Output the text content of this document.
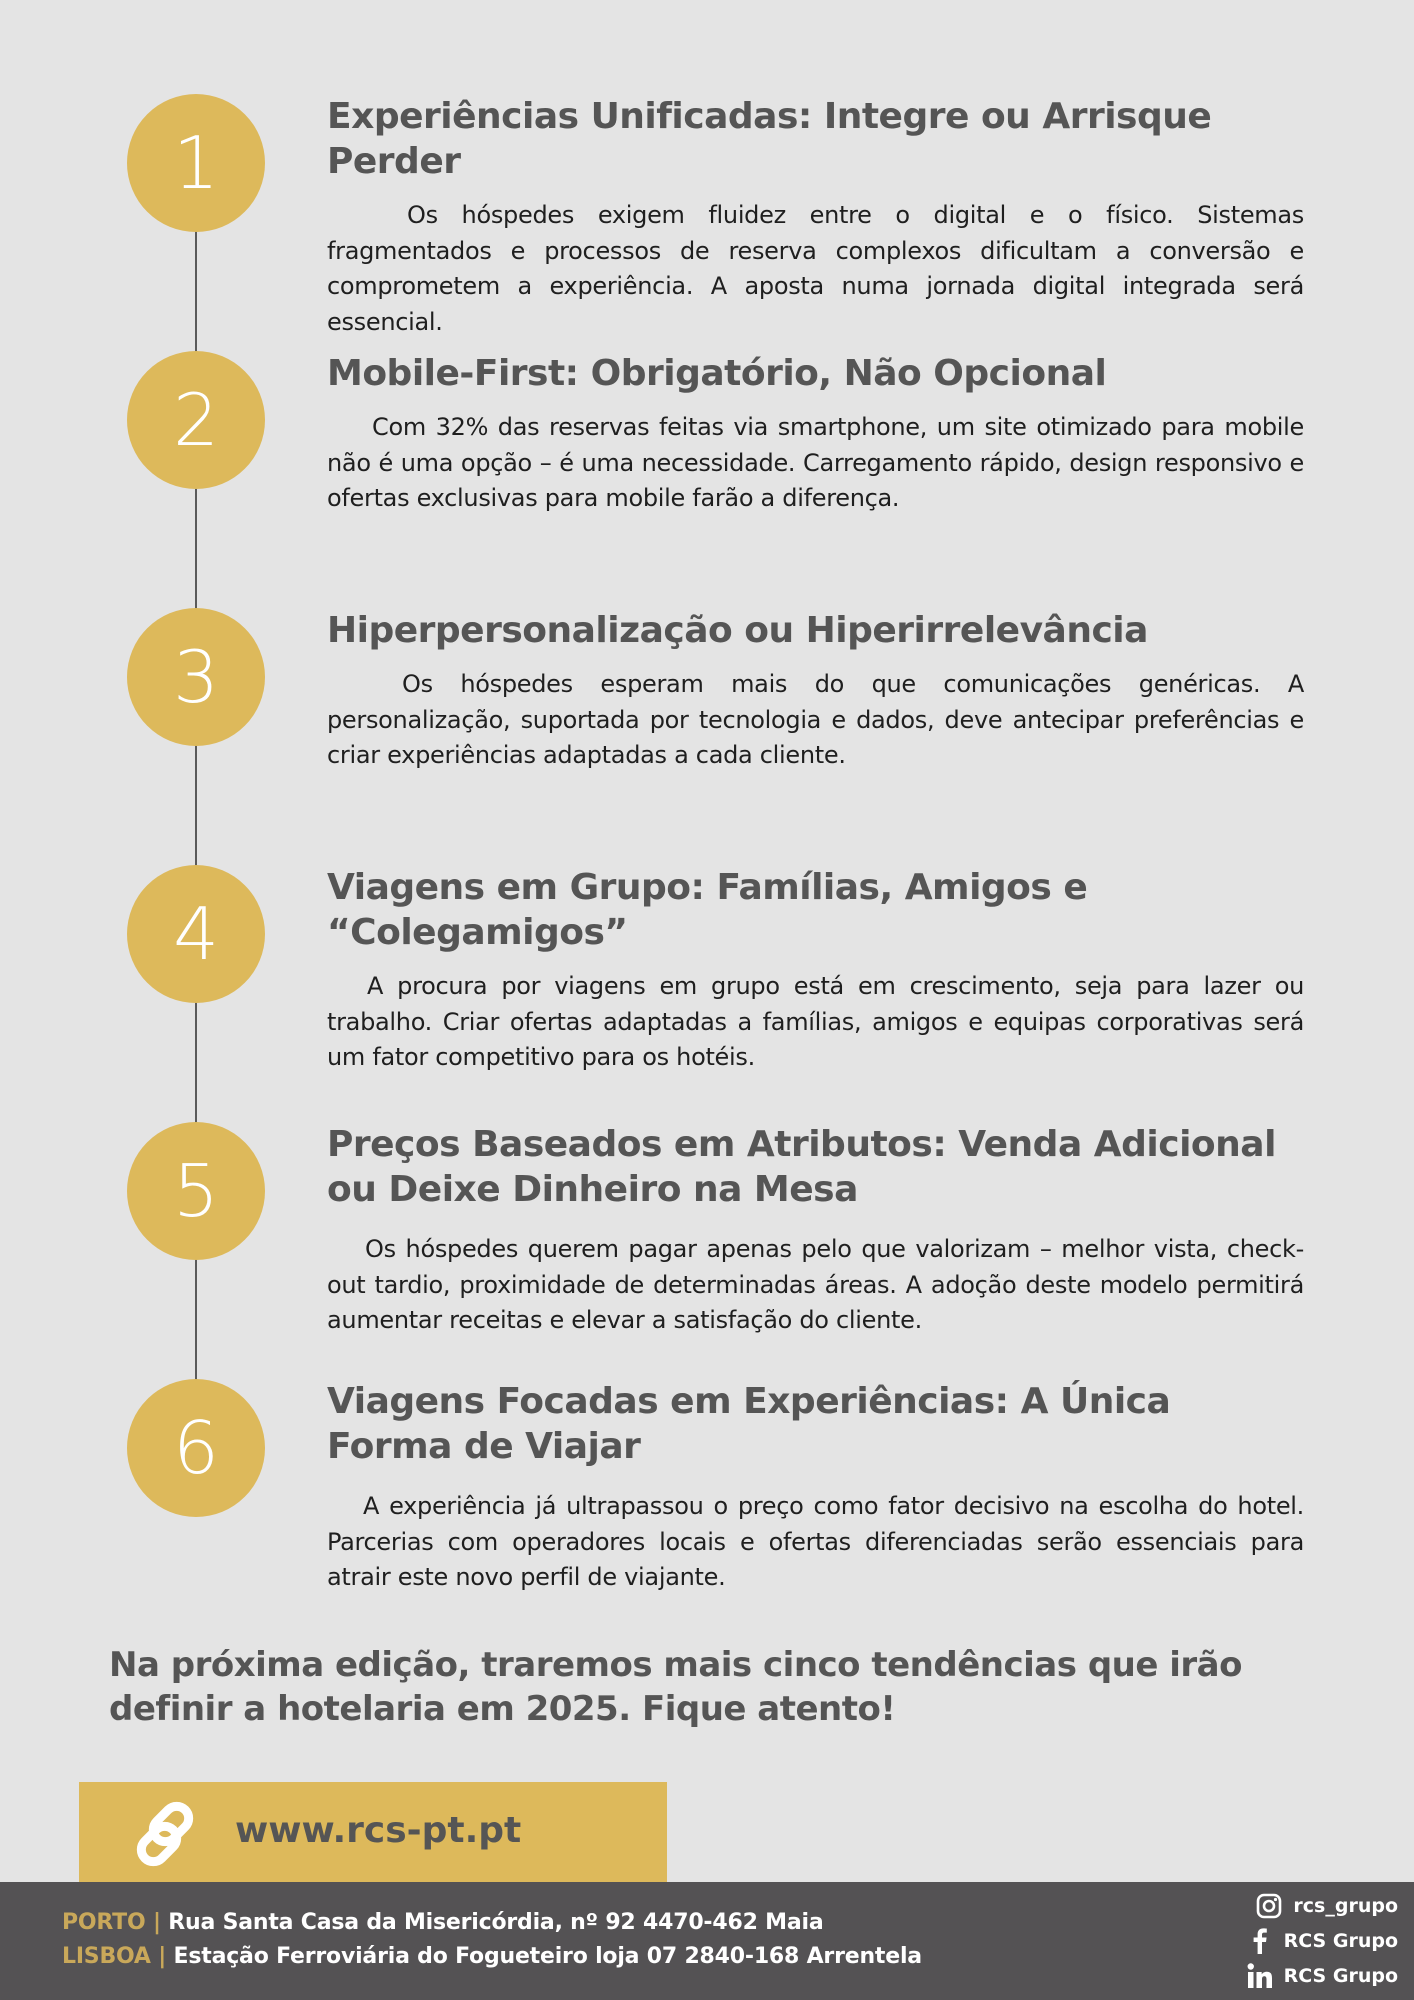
1
Experiências Unificadas: Integre ou Arrisque Perder

Os hóspedes exigem fluidez entre o digital e o físico. Sistemas fragmentados e processos de reserva complexos dificultam a conversão e comprometem a experiência. A aposta numa jornada digital integrada será essencial.

2
Mobile-First: Obrigatório, Não Opcional

Com 32% das reservas feitas via smartphone, um site otimizado para mobile não é uma opção – é uma necessidade. Carregamento rápido, design responsivo e ofertas exclusivas para mobile farão a diferença.

3
Hiperpersonalização ou Hiperirrelevância

Os hóspedes esperam mais do que comunicações genéricas. A personalização, suportada por tecnologia e dados, deve antecipar preferências e criar experiências adaptadas a cada cliente.

4
Viagens em Grupo: Famílias, Amigos e “Colegamigos”

A procura por viagens em grupo está em crescimento, seja para lazer ou trabalho. Criar ofertas adaptadas a famílias, amigos e equipas corporativas será um fator competitivo para os hotéis.

5
Preços Baseados em Atributos: Venda Adicional ou Deixe Dinheiro na Mesa

Os hóspedes querem pagar apenas pelo que valorizam – melhor vista, check-out tardio, proximidade de determinadas áreas. A adoção deste modelo permitirá aumentar receitas e elevar a satisfação do cliente.

6
Viagens Focadas em Experiências: A Única Forma de Viajar

A experiência já ultrapassou o preço como fator decisivo na escolha do hotel. Parcerias com operadores locais e ofertas diferenciadas serão essenciais para atrair este novo perfil de viajante.

Na próxima edição, traremos mais cinco tendências que irão definir a hotelaria em 2025. Fique atento!

www.rcs-pt.pt
PORTO | Rua Santa Casa da Misericórdia, nº 92 4470-462 Maia
LISBOA | Estação Ferroviária do Fogueteiro loja 07 2840-168 Arrentela
rcs_grupo
RCS Grupo
RCS Grupo
